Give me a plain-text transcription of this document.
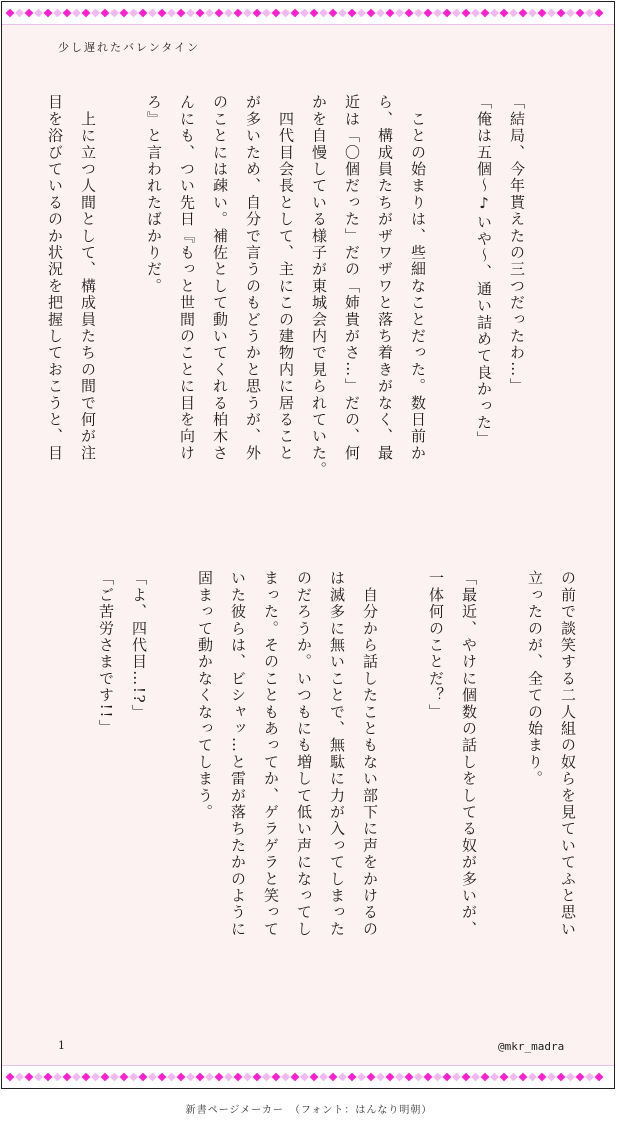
少し遅れたバレンタイン
「結局、今年貰えたの三つだったわ…」
「俺は五個〜♪いや〜、通い詰めて良かった」

　ことの始まりは、些細なことだった。数日前か
ら、構成員たちがザワザワと落ち着きがなく、最
近は「〇個だった」だの「姉貴がさ…」だの、何
かを自慢している様子が東城会内で見られていた。
　四代目会長として、主にこの建物内に居ること
が多いため、自分で言うのもどうかと思うが、外
のことには疎い。補佐として動いてくれる柏木さ
んにも、つい先日『もっと世間のことに目を向け
ろ』と言われたばかりだ。

　上に立つ人間として、構成員たちの間で何が注
目を浴びているのか状況を把握しておこうと、目
の前で談笑する二人組の奴らを見ていてふと思い
立ったのが、全ての始まり。

「最近、やけに個数の話しをしてる奴が多いが、
一体何のことだ？」

　自分から話したこともない部下に声をかけるの
は滅多に無いことで、無駄に力が入ってしまった
のだろうか。いつもにも増して低い声になってし
まった。そのこともあってか、ゲラゲラと笑って
いた彼らは、ビシャッ…と雷が落ちたかのように
固まって動かなくなってしまう。

「よ、四代目…!?」
「ご苦労さまです!!」
1	@mkr_madra
新書ページメーカー　（フォント：はんなり明朝）
